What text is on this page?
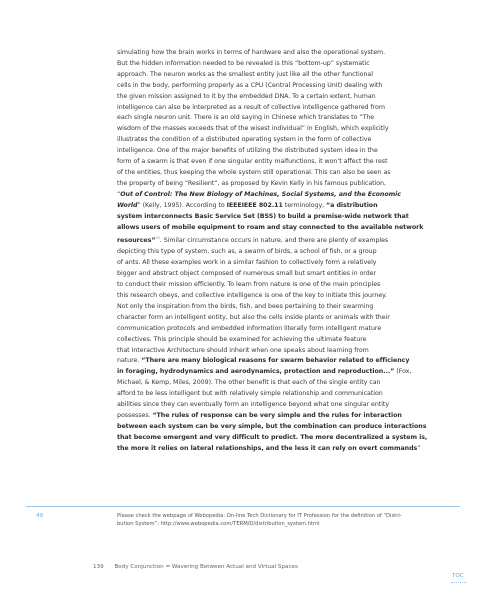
simulating how the brain works in terms of hardware and also the operational system.

But the hidden information needed to be revealed is this “bottom-up” systematic

approach. The neuron works as the smallest entity just like all the other functional

cells in the body, performing properly as a CPU (Central Processing Unit) dealing with

the given mission assigned to it by the embedded DNA. To a certain extent, human

intelligence can also be interpreted as a result of collective intelligence gathered from

each single neuron unit. There is an old saying in Chinese which translates to “The

wisdom of the masses exceeds that of the wisest individual” in English, which explicitly

illustrates the condition of a distributed operating system in the form of collective

intelligence. One of the major benefits of utilizing the distributed system idea in the

form of a swarm is that even if one singular entity malfunctions, it won’t affect the rest

of the entities, thus keeping the whole system still operational. This can also be seen as

the property of being “Resilient”, as proposed by Kevin Kelly in his famous publication,

“Out of Control: The New Biology of Machines, Social Systems, and the Economic

World” (Kelly, 1995). According to IEEEIEEE 802.11 terminology, “a distribution

system interconnects Basic Service Set (BSS) to build a premise-wide network that

allows users of mobile equipment to roam and stay connected to the available network

resources”$^{49}$. Similar circumstance occurs in nature, and there are plenty of examples

depicting this type of system, such as, a swarm of birds, a school of fish, or a group

of ants. All these examples work in a similar fashion to collectively form a relatively

bigger and abstract object composed of numerous small but smart entities in order

to conduct their mission efficiently. To learn from nature is one of the main principles

this research obeys, and collective intelligence is one of the key to initiate this journey.

Not only the inspiration from the birds, fish, and bees pertaining to their swarming

character form an intelligent entity, but also the cells inside plants or animals with their

communication protocols and embedded information literally form intelligent mature

collectives. This principle should be examined for achieving the ultimate feature

that Interactive Architecture should inherit when one speaks about learning from

nature. “There are many biological reasons for swarm behavior related to efficiency

in foraging, hydrodynamics and aerodynamics, protection and reproduction...” (Fox,

Michael, & Kemp, Miles, 2009). The other benefit is that each of the single entity can

afford to be less intelligent but with relatively simple relationship and communication

abilities since they can eventually form an intelligence beyond what one singular entity

possesses. “The rules of response can be very simple and the rules for interaction

between each system can be very simple, but the combination can produce interactions

that become emergent and very difficult to predict. The more decentralized a system is,

the more it relies on lateral relationships, and the less it can rely on overt commands”

49	Please check the webpage of Webopedia: On-line Tech Dictionary for IT Profession for the definition of “Distri-

bution System”: http://www.webopedia.com/TERM/D/distribution_system.html

139 Body Conjunction = Wavering Between Actual and Virtual Spaces
TOC
